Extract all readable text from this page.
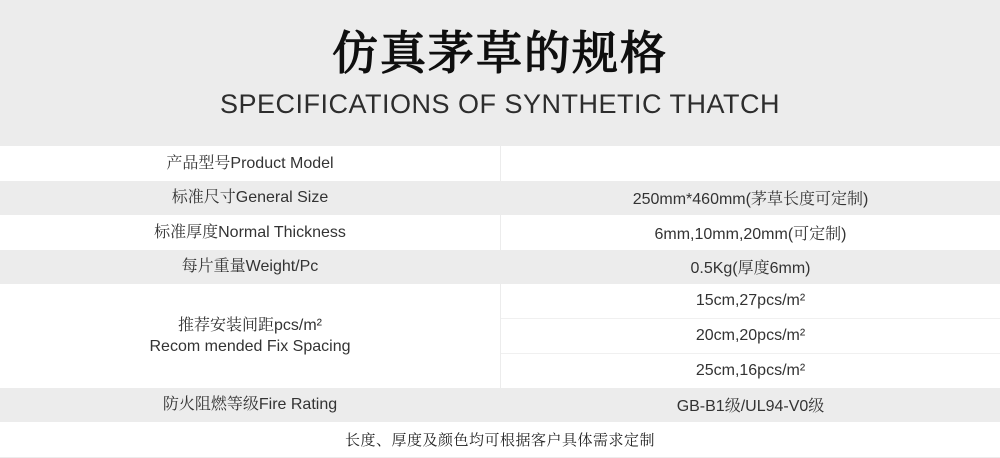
仿真茅草的规格
SPECIFICATIONS OF SYNTHETIC THATCH
产品型号Product Model
标准尺寸General Size	250mm*460mm(茅草长度可定制)
标准厚度Normal Thickness	6mm,10mm,20mm(可定制)
每片重量Weight/Pc	0.5Kg(厚度6mm)
推荐安装间距pcs/m²
Recom mended Fix Spacing
15cm,27pcs/m²
20cm,20pcs/m²
25cm,16pcs/m²
防火阻燃等级Fire Rating	GB-B1级/UL94-V0级
长度、厚度及颜色均可根据客户具体需求定制
